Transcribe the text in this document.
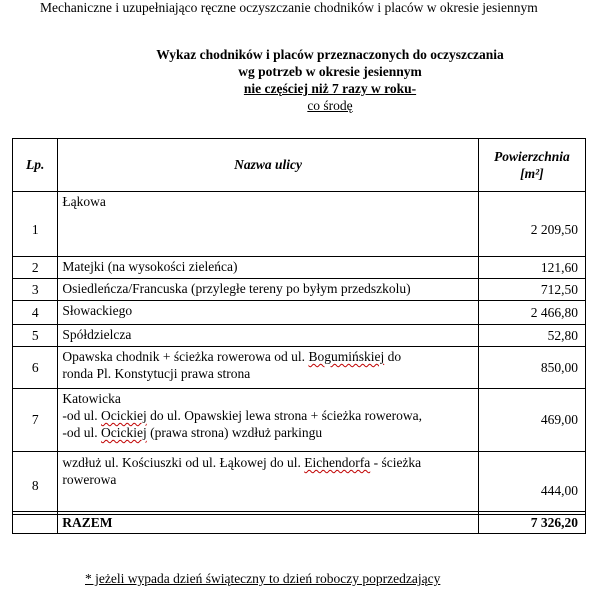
Mechaniczne i uzupełniająco ręczne oczyszczanie chodników i placów w okresie jesiennym
Wykaz chodników i placów przeznaczonych do oczyszczania
wg potrzeb w okresie jesiennym
nie częściej niż 7 razy w roku-
co środę
Lp.	Nazwa ulicy	Powierzchnia
[m²]

1	Łąkowa	2 209,50
2	Matejki (na wysokości zieleńca)	121,60
3	Osiedleńcza/Francuska (przyległe tereny po byłym przedszkolu)	712,50
4	Słowackiego	2 466,80
5	Spółdzielcza	52,80
6	Opawska chodnik + ścieżka rowerowa od ul. Bogumińskiej do
ronda Pl. Konstytucji prawa strona	850,00
7	Katowicka
-od ul. Ocickiej do ul. Opawskiej lewa strona + ścieżka rowerowa,
-od ul. Ocickiej (prawa strona) wzdłuż parkingu	469,00
8	wzdłuż ul. Kościuszki od ul. Łąkowej do ul. Eichendorfa - ścieżka
rowerowa	444,00
	RAZEM	7 326,20
* jeżeli wypada dzień świąteczny to dzień roboczy poprzedzający
